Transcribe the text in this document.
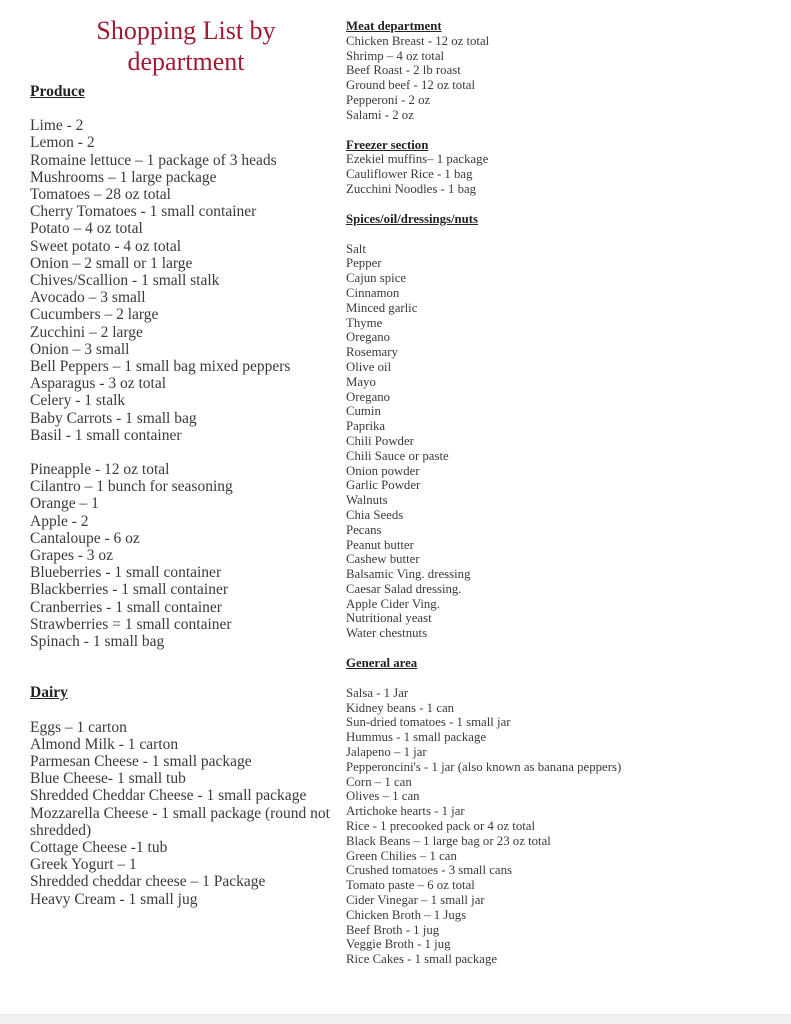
Shopping List by department
Produce
Lime - 2
Lemon - 2
Romaine lettuce – 1 package of 3 heads
Mushrooms – 1 large package
Tomatoes – 28 oz total
Cherry Tomatoes - 1 small container
Potato – 4 oz total
Sweet potato - 4 oz total
Onion – 2 small or 1 large
Chives/Scallion - 1 small stalk
Avocado – 3 small
Cucumbers – 2 large
Zucchini – 2 large
Onion – 3 small
Bell Peppers – 1 small bag mixed peppers
Asparagus - 3 oz total
Celery - 1 stalk
Baby Carrots - 1 small bag
Basil - 1 small container
Pineapple - 12 oz total
Cilantro – 1 bunch for seasoning
Orange – 1
Apple - 2
Cantaloupe - 6 oz
Grapes - 3 oz
Blueberries - 1 small container
Blackberries - 1 small container
Cranberries - 1 small container
Strawberries = 1 small container
Spinach - 1 small bag
Dairy
Eggs – 1 carton
Almond Milk - 1 carton
Parmesan Cheese - 1 small package
Blue Cheese- 1 small tub
Shredded Cheddar Cheese - 1 small package
Mozzarella Cheese - 1 small package (round not shredded)
Cottage Cheese -1 tub
Greek Yogurt – 1
Shredded cheddar cheese – 1 Package
Heavy Cream - 1 small jug
Meat department
Chicken Breast - 12 oz total
Shrimp – 4 oz total
Beef Roast - 2 lb roast
Ground beef - 12 oz total
Pepperoni - 2 oz
Salami - 2 oz
Freezer section
Ezekiel muffins– 1 package
Cauliflower Rice - 1 bag
Zucchini Noodles - 1 bag
Spices/oil/dressings/nuts
Salt
Pepper
Cajun spice
Cinnamon
Minced garlic
Thyme
Oregano
Rosemary
Olive oil
Mayo
Oregano
Cumin
Paprika
Chili Powder
Chili Sauce or paste
Onion powder
Garlic Powder
Walnuts
Chia Seeds
Pecans
Peanut butter
Cashew butter
Balsamic Ving. dressing
Caesar Salad dressing.
Apple Cider Ving.
Nutritional yeast
Water chestnuts
General area
Salsa - 1 Jar
Kidney beans - 1 can
Sun-dried tomatoes - 1 small jar
Hummus - 1 small package
Jalapeno – 1 jar
Pepperoncini's - 1 jar (also known as banana peppers)
Corn – 1 can
Olives – 1 can
Artichoke hearts - 1 jar
Rice - 1 precooked pack or 4 oz total
Black Beans – 1 large bag or 23 oz total
Green Chilies – 1 can
Crushed tomatoes - 3 small cans
Tomato paste – 6 oz total
Cider Vinegar – 1 small jar
Chicken Broth – 1 Jugs
Beef Broth - 1 jug
Veggie Broth - 1 jug
Rice Cakes - 1 small package
